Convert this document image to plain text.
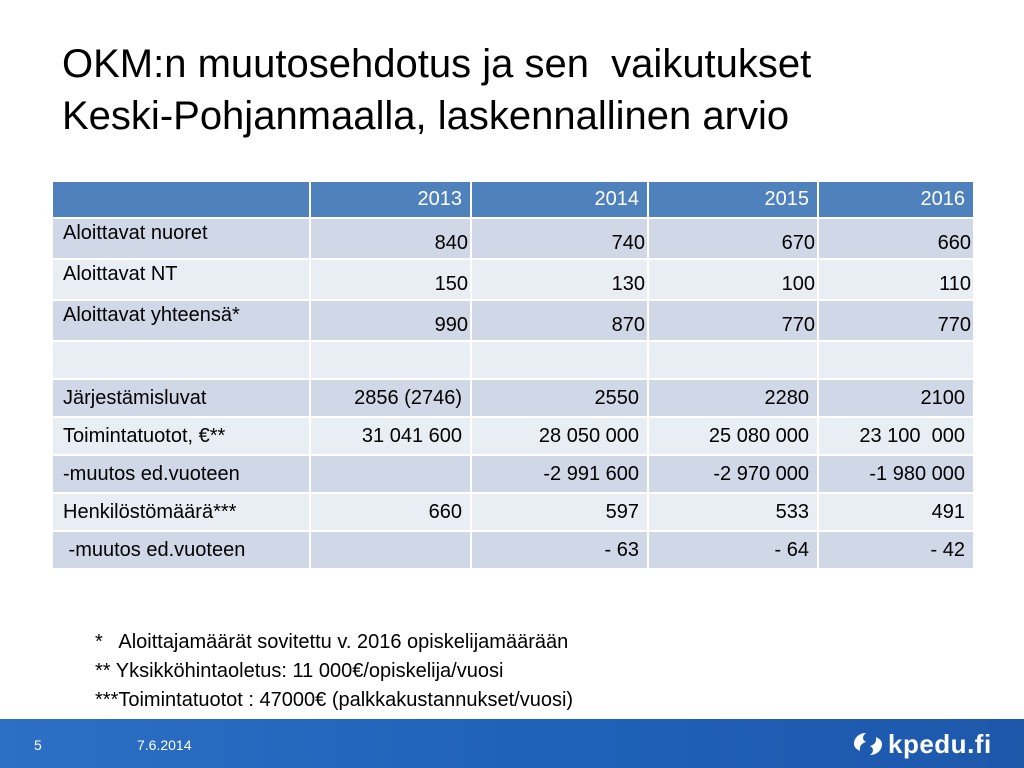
OKM:n muutosehdotus ja sen  vaikutukset
Keski-Pohjanmaalla, laskennallinen arvio
	2013	2014	2015	2016
Aloittavat nuoret	840	740	670	660
Aloittavat NT	150	130	100	110
Aloittavat yhteensä*	990	870	770	770

Järjestämisluvat	2856 (2746)	2550	2280	2100
Toimintatuotot, €**	31 041 600	28 050 000	25 080 000	23 100  000
-muutos ed.vuoteen		-2 991 600	-2 970 000	-1 980 000
Henkilöstömäärä***	660	597	533	491
-muutos ed.vuoteen		- 63	- 64	- 42
*   Aloittajamäärät sovitettu v. 2016 opiskelijamäärään
** Yksikköhintaoletus: 11 000€/opiskelija/vuosi
***Toimintatuotot : 47000€ (palkkakustannukset/vuosi)
5	7.6.2014	kpedu.fi
